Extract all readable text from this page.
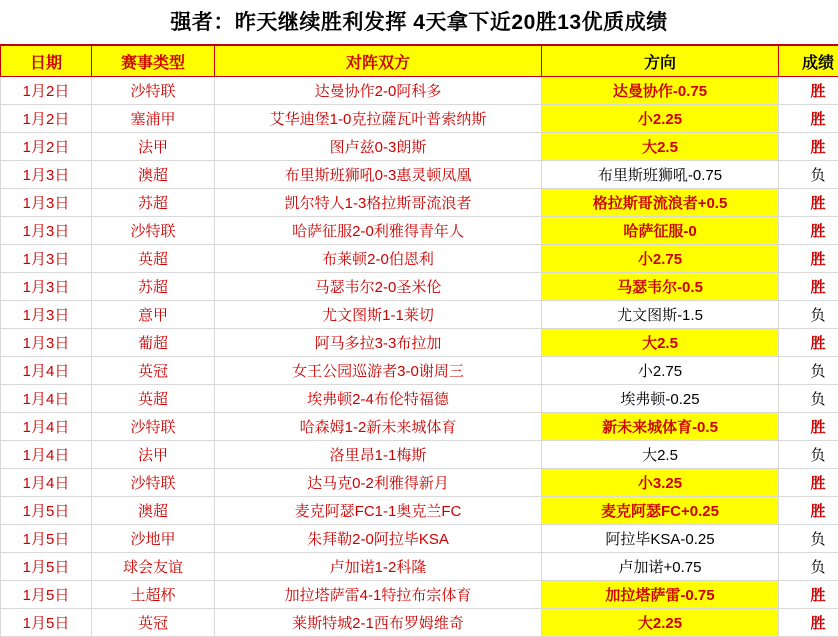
强者：昨天继续胜利发挥 4天拿下近20胜13优质成绩
日期	赛事类型	对阵双方	方向	成绩
1月2日	沙特联	达曼协作2-0阿科多	达曼协作-0.75	胜
1月2日	塞浦甲	艾华迪堡1-0克拉薩瓦叶普索纳斯	小2.25	胜
1月2日	法甲	图卢兹0-3朗斯	大2.5	胜
1月3日	澳超	布里斯班狮吼0-3惠灵顿凤凰	布里斯班狮吼-0.75	负
1月3日	苏超	凯尔特人1-3格拉斯哥流浪者	格拉斯哥流浪者+0.5	胜
1月3日	沙特联	哈萨征服2-0利雅得青年人	哈萨征服-0	胜
1月3日	英超	布莱顿2-0伯恩利	小2.75	胜
1月3日	苏超	马瑟韦尔2-0圣米伦	马瑟韦尔-0.5	胜
1月3日	意甲	尤文图斯1-1莱切	尤文图斯-1.5	负
1月3日	葡超	阿马多拉3-3布拉加	大2.5	胜
1月4日	英冠	女王公园巡游者3-0谢周三	小2.75	负
1月4日	英超	埃弗顿2-4布伦特福德	埃弗顿-0.25	负
1月4日	沙特联	哈森姆1-2新未来城体育	新未来城体育-0.5	胜
1月4日	法甲	洛里昂1-1梅斯	大2.5	负
1月4日	沙特联	达马克0-2利雅得新月	小3.25	胜
1月5日	澳超	麦克阿瑟FC1-1奥克兰FC	麦克阿瑟FC+0.25	胜
1月5日	沙地甲	朱拜勒2-0阿拉毕KSA	阿拉毕KSA-0.25	负
1月5日	球会友谊	卢加诺1-2科隆	卢加诺+0.75	负
1月5日	土超杯	加拉塔萨雷4-1特拉布宗体育	加拉塔萨雷-0.75	胜
1月5日	英冠	莱斯特城2-1西布罗姆维奇	大2.25	胜
